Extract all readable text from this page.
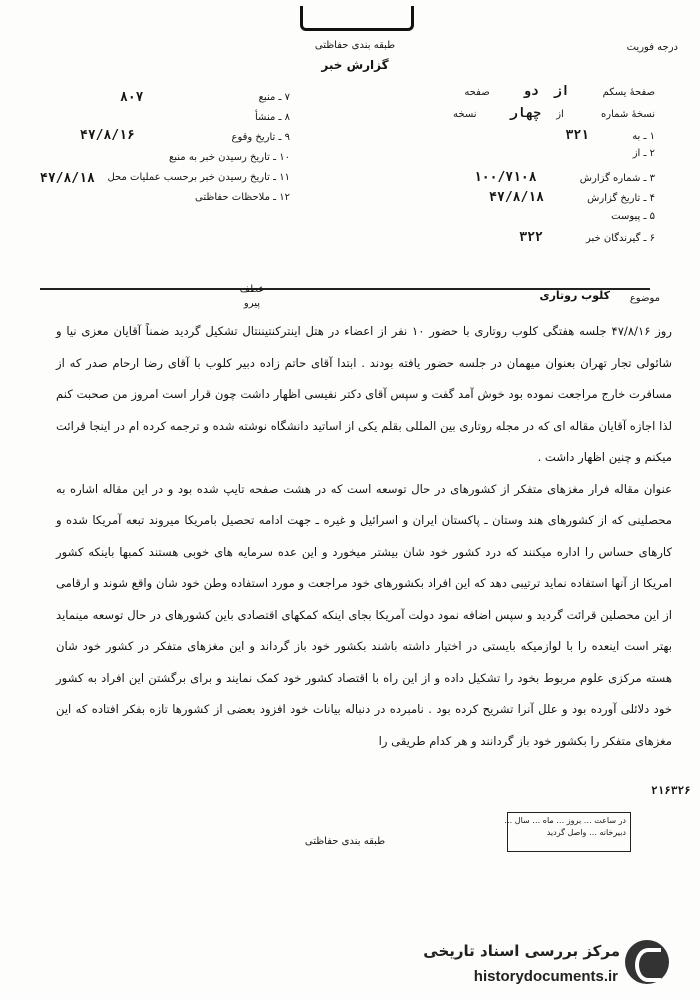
طبقه بندی حفاظتی
گزارش خبر
درجه فوریت
صفحهٔ یسکم از دو صفحه
نسخهٔ شماره از چهار نسخه
۱ ـ به ۳۲۱
۲ ـ از
۳ ـ شماره گزارش ۱۰۰/۷۱۰۸
۴ ـ تاریخ گزارش ۴۷/۸/۱۸
۵ ـ پیوست
۶ ـ گیرندگان خبر ۳۲۲
۷ ـ منبع
۸۰۷
۸ ـ منشأ
۹ ـ تاریخ وقوع
۴۷/۸/۱۶
۱۰ ـ تاریخ رسیدن خبر به منبع
۱۱ ـ تاریخ رسیدن خبر برحسب عملیات محل
۴۷/۸/۱۸
۱۲ ـ ملاحظات حفاظتی
موضوع
کلوب روتاری
عطف
پیرو

روز ۴۷/۸/۱۶ جلسه هفتگی کلوب روتاری با حضور ۱۰ نفر از اعضاء در هتل اینترکنتیننتال تشکیل گردید ضمناً آقایان معزی نیا و شائولی تجار تهران بعنوان میهمان در جلسه حضور یافته بودند . ابتدا آقای حاتم زاده دبیر کلوب با آقای رضا ارحام صدر که از مسافرت خارج مراجعت نموده بود خوش آمد گفت و سپس آقای دکتر نفیسی اظهار داشت چون قرار است امروز من صحبت کنم لذا اجازه آقایان مقاله ای که در مجله روتاری بین المللی بقلم یکی از اساتید دانشگاه نوشته شده و ترجمه کرده ام در اینجا قرائت میکنم و چنین اظهار داشت .

عنوان مقاله فرار مغزهای متفکر از کشورهای در حال توسعه است که در هشت صفحه تایپ شده بود و در این مقاله اشاره به محصلینی که از کشورهای هند وستان ـ پاکستان ایران و اسرائیل و غیره ـ جهت ادامه تحصیل بامریکا میروند تبعه آمریکا شده و کارهای حساس را اداره میکنند که درد کشور خود شان بیشتر میخورد و این عده سرمایه های خوبی هستند کمبها باینکه کشور امریکا از آنها استفاده نماید ترتیبی دهد که این افراد بکشورهای خود مراجعت و مورد استفاده وطن خود شان واقع شوند و ارقامی از این محصلین قرائت گردید و سپس اضافه نمود دولت آمریکا بجای اینکه کمکهای اقتصادی باین کشورهای در حال توسعه مینماید بهتر است اینعده را با لوازمیکه بایستی در اختیار داشته باشند بکشور خود باز گرداند و این مغزهای متفکر در کشور خود شان هسته مرکزی علوم مربوط بخود را تشکیل داده و از این راه با اقتصاد کشور خود کمک نمایند و برای برگشتن این افراد به کشور خود دلائلی آورده بود و علل آنرا تشریح کرده بود . نامبرده در دنباله بیانات خود افزود بعضی از کشورها تازه بفکر افتاده که این مغزهای متفکر را بکشور خود باز گردانند و هر کدام طریقی را

۲۱۶۳۲۶
در ساعت … بروز … ماه … سال …
دبیرخانه … واصل گردید
طبقه بندی حفاظتی
مرکز بررسی اسناد تاریخی
historydocuments.ir
